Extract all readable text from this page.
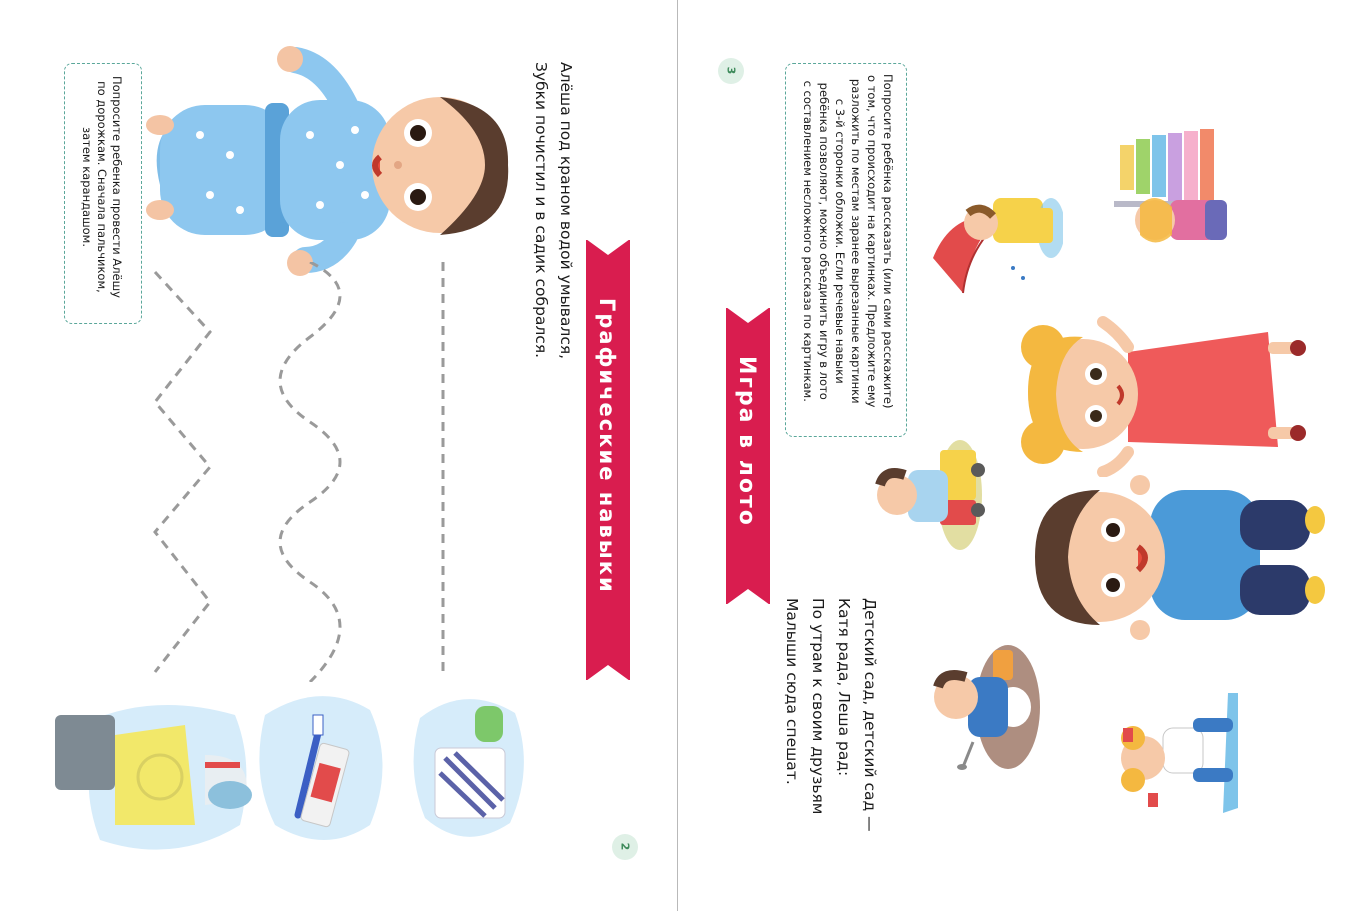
Алёша под краном водой умывался,
Зубки почистил и в садик собрался.
Графические навыки
Попросите ребенка провести Алёшу
по дорожкам. Сначала пальчиком,
затем карандашом.
2
3
Попросите ребёнка рассказать (или сами расскажите)
о том, что происходит на картинках. Предложите ему
разложить по местам заранее вырезанные картинки
с 3-й сторонки обложки. Если речевые навыки
ребёнка позволяют, можно объединить игру в лото
с составлением несложного рассказа по картинкам.
Игра в лото
Детский сад, детский сад —
Катя рада, Леша рад:
По утрам к своим друзьям
Малыши сюда спешат.
